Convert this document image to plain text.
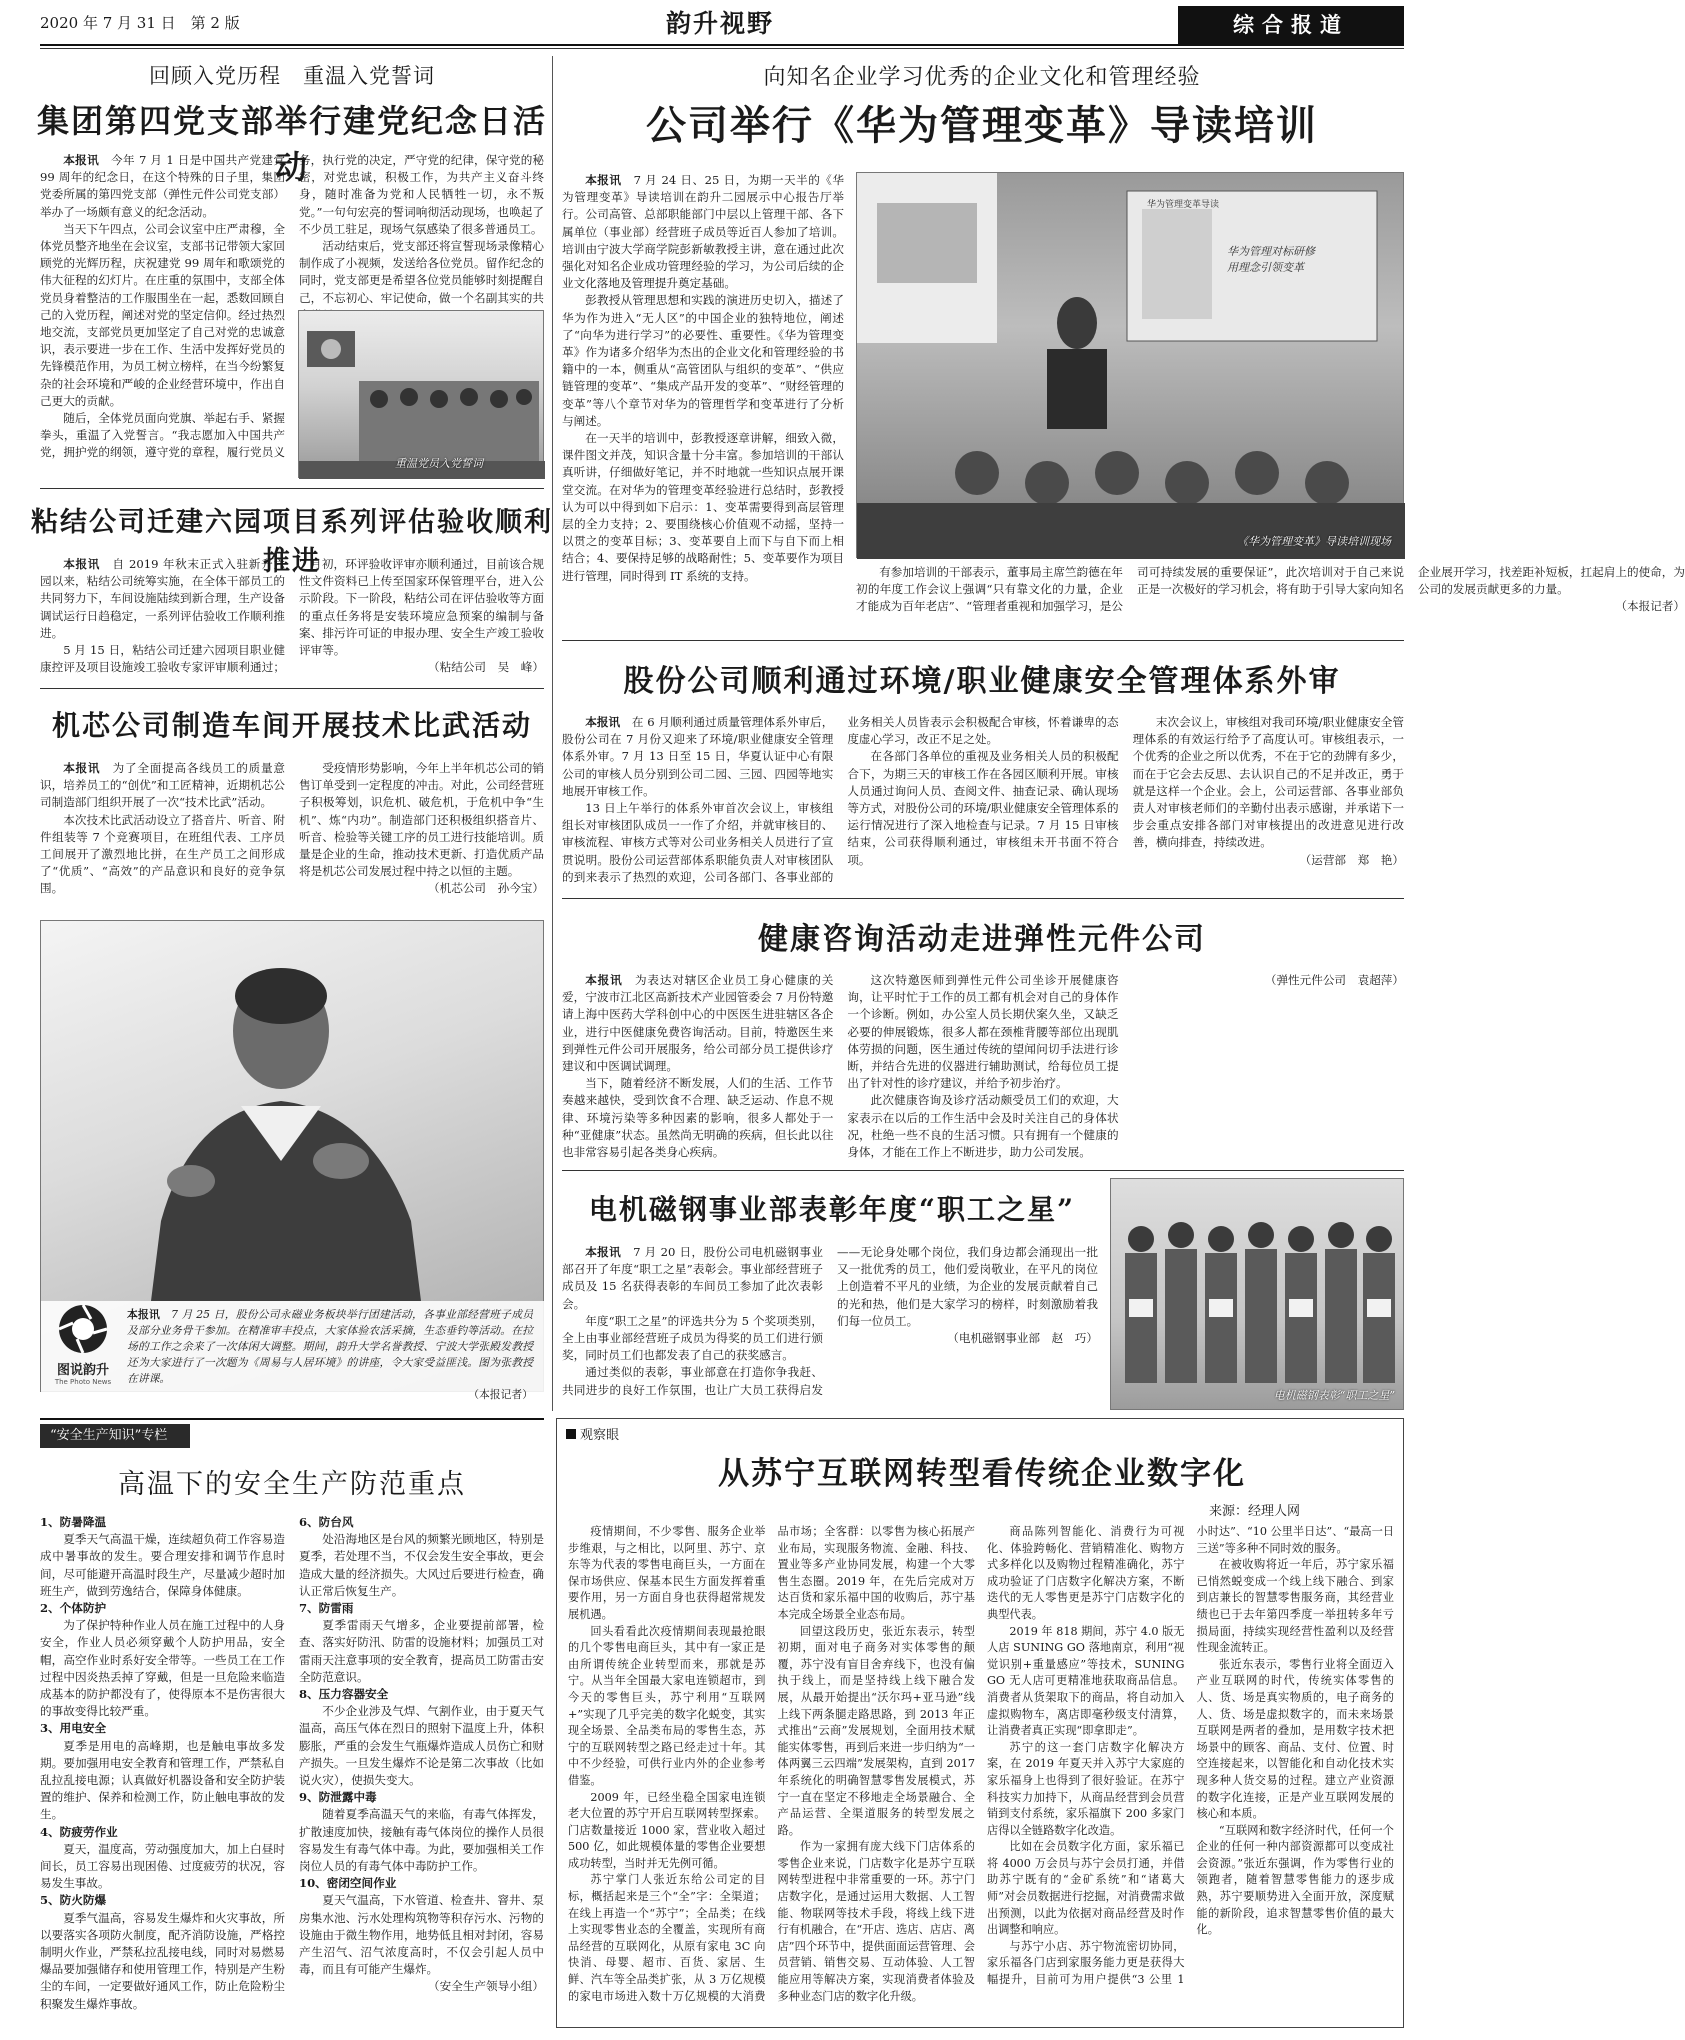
2020 年 7 月 31 日　第 2 版	韵升视野	综合报道
回顾入党历程　重温入党誓词
集团第四党支部举行建党纪念日活动

本报讯　 今年 7 月 1 日是中国共产党建党 99 周年的纪念日，在这个特殊的日子里，集团党委所属的第四党支部（弹性元件公司党支部）举办了一场颇有意义的纪念活动。

当天下午四点，公司会议室中庄严肃穆，全体党员整齐地坐在会议室，支部书记带领大家回顾党的光辉历程，庆祝建党 99 周年和歌颂党的伟大征程的幻灯片。在庄重的氛围中，支部全体党员身着整洁的工作服围坐在一起，悉数回顾自己的入党历程，阐述对党的坚定信仰。经过热烈地交流，支部党员更加坚定了自己对党的忠诚意识，表示要进一步在工作、生活中发挥好党员的先锋模范作用，为员工树立榜样，在当今纷繁复杂的社会环境和严峻的企业经营环境中，作出自己更大的贡献。

随后，全体党员面向党旗、举起右手、紧握拳头，重温了入党誓言。“我志愿加入中国共产党，拥护党的纲领，遵守党的章程，履行党员义务，执行党的决定，严守党的纪律，保守党的秘密，对党忠诚，积极工作，为共产主义奋斗终身，随时准备为党和人民牺牲一切，永不叛党。”一句句宏亮的誓词响彻活动现场，也唤起了不少员工驻足，现场气氛感染了很多普通员工。

活动结束后，党支部还将宣誓现场录像精心制作成了小视频，发送给各位党员。留作纪念的同时，党支部更是希望各位党员能够时刻提醒自己，不忘初心、牢记使命，做一个名副其实的共

重温党员入党誓词
粘结公司迁建六园项目系列评估验收顺利推进

本报讯　 自 2019 年秋末正式入驻新升六园以来，粘结公司统筹实施，在全体干部员工的共同努力下，车间设施陆续到新合理，生产设备调试运行日趋稳定，一系列评估验收工作顺利推进。

5 月 15 日，粘结公司迁建六园项目职业健康控评及项目设施竣工验收专家评审顺利通过；7 月初，环评验收评审亦顺利通过，目前该合规性文件资料已上传至国家环保管理平台，进入公示阶段。下一阶段，粘结公司在评估验收等方面的重点任务将是安装环境应急预案的编制与备案、排污许可证的申报办理、安全生产竣工验收评审等。

（粘结公司　吴　峰）

机芯公司制造车间开展技术比武活动

本报讯　 为了全面提高各线员工的质量意识，培养员工的“创优”和工匠精神，近期机芯公司制造部门组织开展了一次“技术比武”活动。

本次技术比武活动设立了搭音片、听音、附件组装等 7 个竞赛项目，在班组代表、工序员工间展开了激烈地比拼，在生产员工之间形成了“优质”、“高效”的产品意识和良好的竞争氛围。

受疫情形势影响，今年上半年机芯公司的销售订单受到一定程度的冲击。对此，公司经营班子积极筹划，识危机、破危机，于危机中争“生机”、炼“内功”。制造部门还积极组织搭音片、听音、检验等关键工序的员工进行技能培训。质量是企业的生命，推动技术更新、打造优质产品将是机芯公司发展过程中持之以恒的主题。

（机芯公司　孙今宝）

图说韵升
The Photo News
本报讯　 7 月 25 日，股份公司永磁业务板块举行团建活动，各事业部经营班子成员及部分业务骨干参加。在精准审丰投点，大家体验农活采摘，生态垂钓等活动。在拉场的工作之余来了一次体闲大调整。期间，韵升大学名誉教授、宁波大学张殿发教授还为大家进行了一次题为《周易与人居环境》的讲座，令大家受益匪浅。图为张教授在讲课。
（本报记者）
向知名企业学习优秀的企业文化和管理经验
公司举行《华为管理变革》导读培训

本报讯　 7 月 24 日、25 日，为期一天半的《华为管理变革》导读培训在韵升二园展示中心报告厅举行。公司高管、总部职能部门中层以上管理干部、各下属单位（事业部）经营班子成员等近百人参加了培训。培训由宁波大学商学院彭新敏教授主讲，意在通过此次强化对知名企业成功管理经验的学习，为公司后续的企业文化落地及管理提升奠定基础。

彭教授从管理思想和实践的演进历史切入，描述了华为作为进入“无人区”的中国企业的独特地位，阐述了“向华为进行学习”的必要性、重要性。《华为管理变革》作为诸多介绍华为杰出的企业文化和管理经验的书籍中的一本，侧重从“高管团队与组织的变革”、“供应链管理的变革”、“集成产品开发的变革”、“财经管理的变革”等八个章节对华为的管理哲学和变革进行了分析与阐述。

在一天半的培训中，彭教授逐章讲解，细致入微，课件图文并茂，知识含量十分丰富。参加培训的干部认真听讲，仔细做好笔记，并不时地就一些知识点展开课堂交流。在对华为的管理变革经验进行总结时，彭教授认为可以中得到如下启示：1、变革需要得到高层管理层的全力支持；2、要围绕核心价值观不动摇，坚持一以贯之的变革目标；3、变革要自上而下与自下而上相结合；4、要保持足够的战略耐性；5、变革要作为项目进行管理，同时得到 IT 系统的支持。

华为管理变革导读
华为管理对标研修
用理念引领变革
《华为管理变革》导读培训现场

有参加培训的干部表示，董事局主席竺韵德在年初的年度工作会议上强调“只有靠文化的力量，企业才能成为百年老店”、“管理者重视和加强学习，是公司可持续发展的重要保证”，此次培训对于自己来说正是一次极好的学习机会，将有助于引导大家向知名企业展开学习，找差距补短板，扛起肩上的使命，为公司的发展贡献更多的力量。

（本报记者）

股份公司顺利通过环境/职业健康安全管理体系外审

本报讯　 在 6 月顺利通过质量管理体系外审后，股份公司在 7 月份又迎来了环境/职业健康安全管理体系外审。7 月 13 日至 15 日，华夏认证中心有限公司的审核人员分别到公司二园、三园、四园等地实地展开审核工作。

13 日上午举行的体系外审首次会议上，审核组组长对审核团队成员一一作了介绍，并就审核目的、审核流程、审核方式等对公司业务相关人员进行了宣贯说明。股份公司运营部体系职能负责人对审核团队的到来表示了热烈的欢迎，公司各部门、各事业部的业务相关人员皆表示会积极配合审核，怀着谦卑的态度虚心学习，改正不足之处。

在各部门各单位的重视及业务相关人员的积极配合下，为期三天的审核工作在各园区顺利开展。审核人员通过询问人员、查阅文件、抽查记录、确认现场等方式，对股份公司的环境/职业健康安全管理体系的运行情况进行了深入地检查与记录。7 月 15 日审核结束，公司获得顺利通过，审核组未开书面不符合项。

末次会议上，审核组对我司环境/职业健康安全管理体系的有效运行给予了高度认可。审核组表示，一个优秀的企业之所以优秀，不在于它的劲牌有多少，而在于它会去反思、去认识自己的不足并改正，勇于就是这样一个企业。会上，公司运营部、各事业部负责人对审核老师们的辛勤付出表示感谢，并承诺下一步会重点安排各部门对审核提出的改进意见进行改善，横向排查，持续改进。

（运营部　郑　艳）

健康咨询活动走进弹性元件公司

本报讯　 为表达对辖区企业员工身心健康的关爱，宁波市江北区高新技术产业园管委会 7 月份特邀请上海中医药大学科创中心的中医医生进驻辖区各企业，进行中医健康免费咨询活动。目前，特邀医生来到弹性元件公司开展服务，给公司部分员工提供诊疗建议和中医调试调理。

当下，随着经济不断发展，人们的生活、工作节奏越来越快，受到饮食不合理、缺乏运动、作息不规律、环境污染等多种因素的影响，很多人都处于一种“亚健康”状态。虽然尚无明确的疾病，但长此以往也非常容易引起各类身心疾病。

这次特邀医师到弹性元件公司坐诊开展健康咨询，让平时忙于工作的员工都有机会对自己的身体作一个诊断。例如，办公室人员长期伏案久坐，又缺乏必要的伸展锻炼，很多人都在颈椎背腰等部位出现肌体劳损的问题，医生通过传统的望闻问切手法进行诊断，并结合先进的仪器进行辅助测试，给每位员工提出了针对性的诊疗建议，并给予初步治疗。

此次健康咨询及诊疗活动颇受员工们的欢迎，大家表示在以后的工作生活中会及时关注自己的身体状况，杜绝一些不良的生活习惯。只有拥有一个健康的身体，才能在工作上不断进步，助力公司发展。

（弹性元件公司　袁超萍）

电机磁钢事业部表彰年度“职工之星”

本报讯　 7 月 20 日，股份公司电机磁钢事业部召开了年度“职工之星”表彰会。事业部经营班子成员及 15 名获得表彰的车间员工参加了此次表彰会。

年度“职工之星”的评选共分为 5 个奖项类别，全上由事业部经营班子成员为得奖的员工们进行颁奖，同时员工们也都发表了自己的获奖感言。

通过类似的表彰，事业部意在打造你争我赶、共同进步的良好工作氛围，也让广大员工获得启发——无论身处哪个岗位，我们身边都会涌现出一批又一批优秀的员工，他们爱岗敬业，在平凡的岗位上创造着不平凡的业绩，为企业的发展贡献着自己的光和热，他们是大家学习的榜样，时刻激励着我们每一位员工。

（电机磁钢事业部　赵　巧）

电机磁钢表彰“职工之星”
“安全生产知识”专栏
高温下的安全生产防范重点

1、防暑降温

夏季天气高温干燥，连续超负荷工作容易造成中暑事故的发生。要合理安排和调节作息时间，尽可能避开高温时段生产，尽量减少超时加班生产，做到劳逸结合，保障身体健康。

2、个体防护

为了保护特种作业人员在施工过程中的人身安全，作业人员必须穿戴个人防护用品，安全帽，高空作业时系好安全带等。一些员工在工作过程中因炎热丢掉了穿戴，但是一旦危险来临造成基本的防护都没有了，使得原本不是伤害很大的事故变得比较严重。

3、用电安全

夏季是用电的高峰期，也是触电事故多发期。要加强用电安全教育和管理工作，严禁私自乱拉乱接电源；认真做好机器设备和安全防护装置的维护、保养和检测工作，防止触电事故的发生。

4、防疲劳作业

夏天，温度高，劳动强度加大，加上白昼时间长，员工容易出现困倦、过度疲劳的状况，容易发生事故。

5、防火防爆

夏季气温高，容易发生爆炸和火灾事故，所以要落实各项防火制度，配齐消防设施，严格控制明火作业，严禁私拉乱接电线，同时对易燃易爆品要加强储存和使用管理工作，特别是产生粉尘的车间，一定要做好通风工作，防止危险粉尘积聚发生爆炸事故。

6、防台风

处沿海地区是台风的频繁光顾地区，特别是夏季，若处理不当，不仅会发生安全事故，更会造成大量的经济损失。大风过后要进行检查，确认正常后恢复生产。

7、防雷雨

夏季雷雨天气增多，企业要提前部署，检查、落实好防汛、防雷的设施材料；加强员工对雷雨天注意事项的安全教育，提高员工防雷击安全防范意识。

8、压力容器安全

不少企业涉及气焊、气割作业，由于夏天气温高，高压气体在烈日的照射下温度上升，体积膨胀，严重的会发生气瓶爆炸造成人员伤亡和财产损失。一旦发生爆炸不论是第二次事故（比如说火灾），使损失变大。

9、防泄露中毒

随着夏季高温天气的来临，有毒气体挥发，扩散速度加快，接触有毒气体岗位的操作人员很容易发生有毒气体中毒。为此，要加强相关工作岗位人员的有毒气体中毒防护工作。

10、密闭空间作业

夏天气温高，下水管道、检查井、窨井、泵房集水池、污水处理构筑物等积存污水、污物的设施由于微生物作用，地势低且相对封闭，容易产生沼气、沼气浓度高时，不仅会引起人员中毒，而且有可能产生爆炸。

（安全生产领导小组）

观察眼
从苏宁互联网转型看传统企业数字化
来源：经理人网

疫情期间，不少零售、服务企业举步维艰，与之相比，以阿里、苏宁、京东等为代表的零售电商巨头，一方面在保市场供应、保基本民生方面发挥着重要作用，另一方面自身也获得超常规发展机遇。

回头看看此次疫情期间表现最抢眼的几个零售电商巨头，其中有一家正是由所谓传统企业转型而来，那就是苏宁。从当年全国最大家电连锁超市，到今天的零售巨头，苏宁利用“互联网+”实现了几乎完美的数字化蜕变，其实现全场景、全品类布局的零售生态，苏宁的互联网转型之路已经走过十年。其中不少经验，可供行业内外的企业参考借鉴。

2009 年，已经坐稳全国家电连锁老大位置的苏宁开启互联网转型探索。门店数量接近 1000 家，营业收入超过 500 亿，如此规模体量的零售企业要想成功转型，当时并无先例可循。

苏宁掌门人张近东给公司定的目标，概括起来是三个“全”字：全渠道；在线上再造一个“苏宁”；全品类；在线上实现零售业态的全覆盖，实现所有商品经营的互联网化，从原有家电 3C 向快消、母婴、超市、百货、家居、生鲜、汽车等全品类扩张，从 3 万亿规模的家电市场进入数十万亿规模的大消费品市场；全客群：以零售为核心拓展产业布局，实现服务物流、金融、科技、置业等多产业协同发展，构建一个大零售生态圈。2019 年，在先后完成对万达百货和家乐福中国的收购后，苏宁基本完成全场景全业态布局。

回望这段历史，张近东表示，转型初期，面对电子商务对实体零售的颠覆，苏宁没有盲目舍弃线下，也没有偏执于线上，而是坚持线上线下融合发展，从最开始提出“沃尔玛+亚马逊”线上线下两条腿走路思路，到 2013 年正式推出“云商”发展规划，全面用技术赋能实体零售，再到后来进一步归纳为“一体两翼三云四端”发展架构，直到 2017 年系统化的明确智慧零售发展模式，苏宁一直在坚定不移地走全场景融合、全产品运营、全渠道服务的转型发展之路。

作为一家拥有庞大线下门店体系的零售企业来说，门店数字化是苏宁互联网转型进程中非常重要的一环。苏宁门店数字化，是通过运用大数据、人工智能、物联网等技术手段，将线上线下进行有机融合，在“开店、选店、店店、离店”四个环节中，提供面面运营管理、会员营销、销售交易、互动体验、人工智能应用等解决方案，实现消费者体验及多种业态门店的数字化升级。

商品陈列智能化、消费行为可视化、体验跨畅化、营销精准化、购物方式多样化以及购物过程精准确化，苏宁成功验证了门店数字化解决方案，不断迭代的无人零售更是苏宁门店数字化的典型代表。

2019 年 818 期间，苏宁 4.0 版无人店 SUNING GO 落地南京，利用“视觉识别+重量感应”等技术，SUNING GO 无人店可更精准地获取商品信息。消费者从货架取下的商品，将自动加入虚拟购物车，离店即毫秒级支付清算，让消费者真正实现“即拿即走”。

苏宁的这一套门店数字化解决方案，在 2019 年夏天并入苏宁大家庭的家乐福身上也得到了很好验证。在苏宁科技实力加持下，从商品经营到会员营销到支付系统，家乐福旗下 200 多家门店得以全链路数字化改造。

比如在会员数字化方面，家乐福已将 4000 万会员与苏宁会员打通，并借助苏宁既有的“金矿系统”和“诸葛大师”对会员数据进行挖掘，对消费需求做出预测，以此为依据对商品经营及时作出调整和响应。

与苏宁小店、苏宁物流密切协同，家乐福各门店到家服务能力更是获得大幅提升，目前可为用户提供“3 公里 1 小时达”、“10 公里半日达”、“最高一日三送”等多种不同时效的服务。

在被收购将近一年后，苏宁家乐福已悄然蜕变成一个线上线下融合、到家到店兼长的智慧零售服务商，其经营业绩也已于去年第四季度一举扭转多年亏损局面，持续实现经营性盈利以及经营性现金流转正。

张近东表示，零售行业将全面迈入产业互联网的时代，传统实体零售的人、货、场是真实物质的，电子商务的人、货、场是虚拟数字的，而未来场景互联网是两者的叠加，是用数字技术把场景中的顾客、商品、支付、位置、时空连接起来，以智能化和自动化技术实现多种人货交易的过程。建立产业资源的数字化连接，正是产业互联网发展的核心和本质。

“互联网和数字经济时代，任何一个企业的任何一种内部资源都可以变成社会资源。”张近东强调，作为零售行业的领跑者，随着智慧零售能力的逐步成熟，苏宁要顺势进入全面开放，深度赋能的新阶段，追求智慧零售价值的最大化。
